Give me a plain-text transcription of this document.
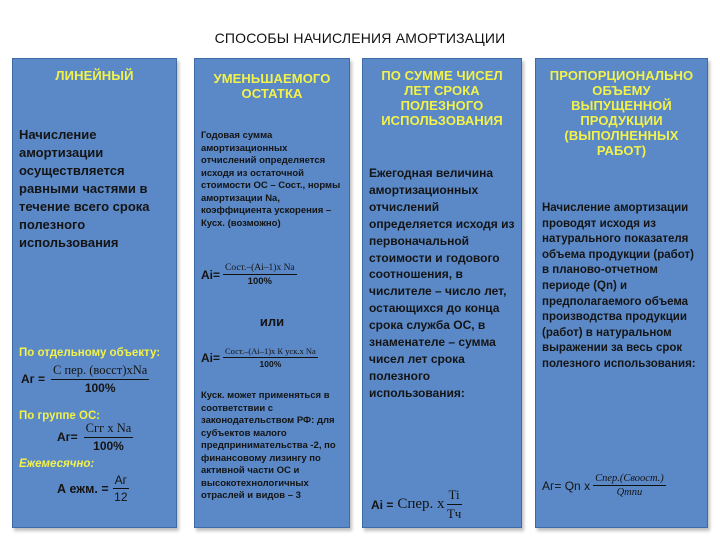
СПОСОБЫ НАЧИСЛЕНИЯ АМОРТИЗАЦИИ
ЛИНЕЙНЫЙ
Начисление амортизации осуществляется равными частями в течение всего срока полезного использования
По отдельному объекту:
Аг = $\frac{\text{С пер. (восст)xNa}}{100\%}$
По группе ОС:
$Аг= \frac{\text{Сгг x Na}}{100\%}$
Ежемесячно:
А ежм. = $\frac{Аг}{12}$
УМЕНЬШАЕМОГО ОСТАТКА
Годовая сумма амортизационных отчислений определяется исходя из остаточной стоимости ОС – Сост., нормы амортизации Na, коэффициента ускорения – Кусх. (возможно)
$Аi= \frac{\text{Сост.–(Ai–1)x Na}}{100\%}$
или
$Аi= \frac{\text{Сост.–(Ai–1)x К уск.x Na}}{100\%}$
Куск. может применяться в соответствии с законодательством РФ: для субъектов малого предпринимательства -2, по финансовому лизингу по активной части ОС и высокотехнологичных отраслей и видов – 3
ПО СУММЕ ЧИСЕЛ ЛЕТ СРОКА ПОЛЕЗНОГО ИСПОЛЬЗОВАНИЯ
Ежегодная величина амортизационных отчислений определяется исходя из первоначальной стоимости и годового соотношения, в числителе – число лет, остающихся до конца срока служба ОС, в знаменателе – сумма чисел лет срока полезного использования:
Аi = Спер. x $\frac{Ti}{Tч}$
ПРОПОРЦИОНАЛЬНО ОБЪЕМУ ВЫПУЩЕННОЙ ПРОДУКЦИИ (ВЫПОЛНЕННЫХ РАБОТ)
Начисление амортизации проводят исходя из натурального показателя объема продукции (работ) в планово-отчетном периоде (Qn) и предполагаемого объема производства продукции (работ) в натуральном выражении за весь срок полезного использования:
Аг= Qn x $\frac{\text{Спер.(Своост.)}}{\text{Qтпи}}$
